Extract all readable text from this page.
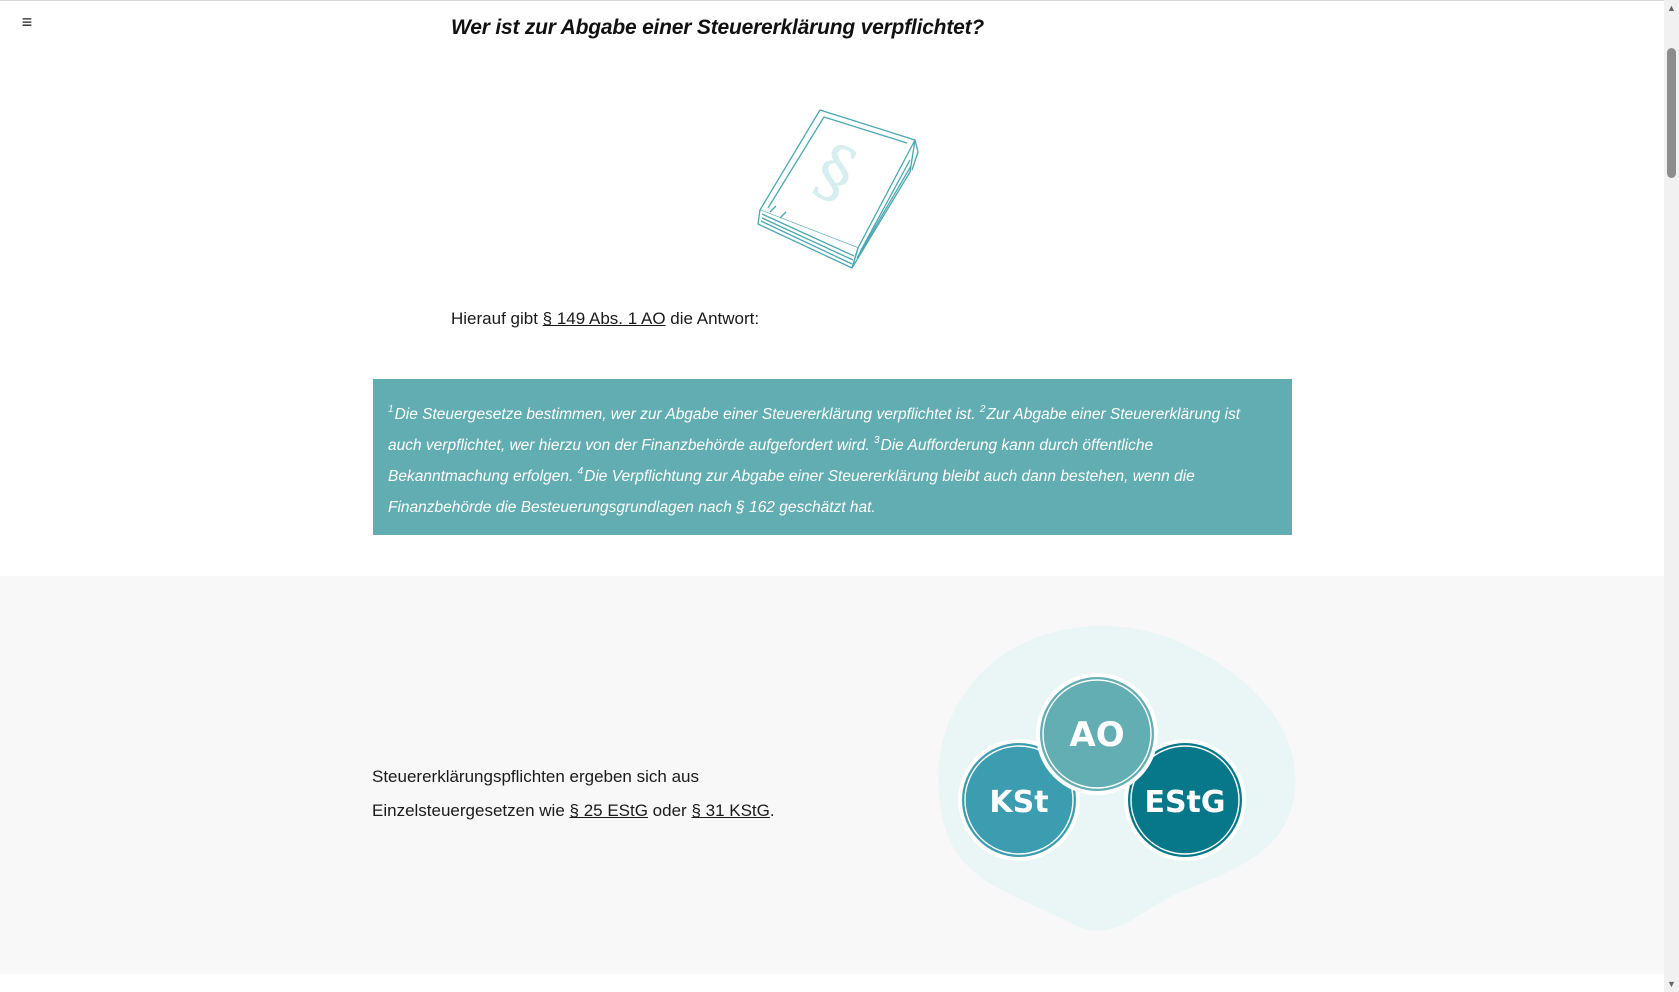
≡	Wer ist zur Abgabe einer Steuererklärung verpflichtet?
§
Hierauf gibt § 149 Abs. 1 AO die Antwort:
$^1$Die Steuergesetze bestimmen, wer zur Abgabe einer Steuererklärung verpflichtet ist. $^2$Zur Abgabe einer Steuererklärung ist auch verpflichtet, wer hierzu von der Finanzbehörde aufgefordert wird. $^3$Die Aufforderung kann durch öffentliche Bekanntmachung erfolgen. $^4$Die Verpflichtung zur Abgabe einer Steuererklärung bleibt auch dann bestehen, wenn die Finanzbehörde die Besteuerungsgrundlagen nach § 162 geschätzt hat.
Steuererklärungspflichten ergeben sich aus
Einzelsteuergesetzen wie § 25 EStG oder § 31 KStG.	KSt	EStG
AO
▲
▼
